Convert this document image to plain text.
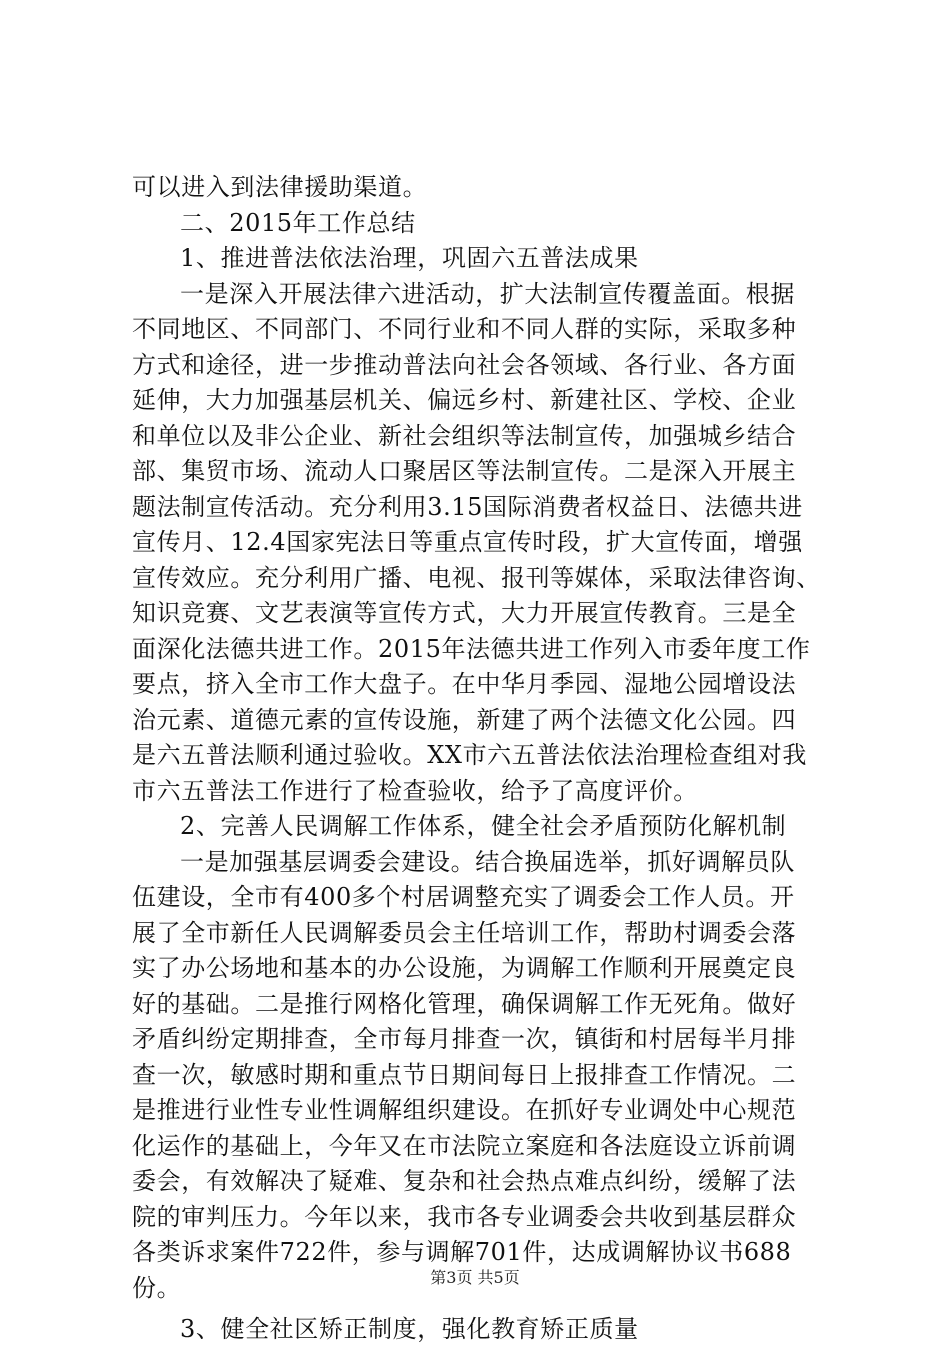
可以进入到法律援助渠道。
二、2015年工作总结
1、推进普法依法治理，巩固六五普法成果
一是深入开展法律六进活动，扩大法制宣传覆盖面。根据
不同地区、不同部门、不同行业和不同人群的实际，采取多种
方式和途径，进一步推动普法向社会各领域、各行业、各方面
延伸，大力加强基层机关、偏远乡村、新建社区、学校、企业
和单位以及非公企业、新社会组织等法制宣传，加强城乡结合
部、集贸市场、流动人口聚居区等法制宣传。二是深入开展主
题法制宣传活动。充分利用3.15国际消费者权益日、法德共进
宣传月、12.4国家宪法日等重点宣传时段，扩大宣传面，增强
宣传效应。充分利用广播、电视、报刊等媒体，采取法律咨询、
知识竞赛、文艺表演等宣传方式，大力开展宣传教育。三是全
面深化法德共进工作。2015年法德共进工作列入市委年度工作
要点，挤入全市工作大盘子。在中华月季园、湿地公园增设法
治元素、道德元素的宣传设施，新建了两个法德文化公园。四
是六五普法顺利通过验收。XX市六五普法依法治理检查组对我
市六五普法工作进行了检查验收，给予了高度评价。
2、完善人民调解工作体系，健全社会矛盾预防化解机制
一是加强基层调委会建设。结合换届选举，抓好调解员队
伍建设，全市有400多个村居调整充实了调委会工作人员。开
展了全市新任人民调解委员会主任培训工作，帮助村调委会落
实了办公场地和基本的办公设施，为调解工作顺利开展奠定良
好的基础。二是推行网格化管理，确保调解工作无死角。做好
矛盾纠纷定期排查，全市每月排查一次，镇街和村居每半月排
查一次，敏感时期和重点节日期间每日上报排查工作情况。二
是推进行业性专业性调解组织建设。在抓好专业调处中心规范
化运作的基础上，今年又在市法院立案庭和各法庭设立诉前调
委会，有效解决了疑难、复杂和社会热点难点纠纷，缓解了法
院的审判压力。今年以来，我市各专业调委会共收到基层群众
各类诉求案件722件，参与调解701件，达成调解协议书688
份。
3、健全社区矫正制度，强化教育矫正质量
第3页 共5页
